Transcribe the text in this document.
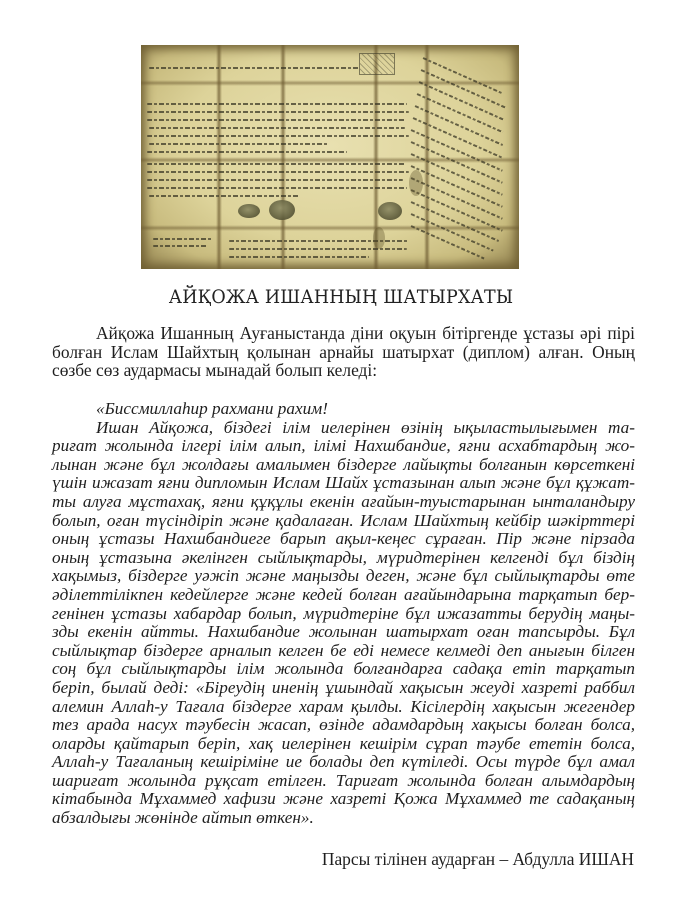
АЙҚОЖА ИШАННЫҢ ШАТЫРХАТЫ
Айқожа Ишанның Ауғаныстанда діни оқуын бітіргенде ұстазы әрі пірі
болған Ислам Шайхтың қолынан арнайы шатырхат (диплом) алған. Оның
сөзбе сөз аудармасы мынадай болып келеді:
«Биссмиллаһир рахмани рахим!
Ишан Айқожа, біздегі ілім иелерінен өзінің ықыластылығымен та-
риғат жолында ілгері ілім алып, ілімі Нахшбандие, яғни асхабтардың жо-
лынан және бұл жолдағы амалымен біздерге лайықты болғанын көрсеткені
үшін ижазат яғни дипломын Ислам Шайх ұстазынан алып және бұл құжат-
ты алуға мұстахақ, яғни құқұлы екенін ағайын-туыстарынан ынталандыру
болып, оған түсіндіріп және қадалаған. Ислам Шайхтың кейбір шәкірттері
оның ұстазы Нахшбандиеге барып ақыл-кеңес сұраған. Пір және пірзада
оның ұстазына әкелінген сыйлықтарды, мүридтерінен келгенді бұл біздің
хақымыз, біздерге уәжіп және маңызды деген, және бұл сыйлықтарды өте
әділеттілікпен кедейлерге және кедей болған ағайындарына тарқатып бер-
генінен ұстазы хабардар болып, мүридтеріне бұл ижазатты берудің маңы-
зды екенін айтты. Нахшбандие жолынан шатырхат оған тапсырды. Бұл
сыйлықтар біздерге арналып келген бе еді немесе келмеді деп анығын білген
соң бұл сыйлықтарды ілім жолында болғандарға садақа етіп тарқатып
беріп, былай деді: «Біреудің иненің ұшындай хақысын жеуді хазреті раббил
алемин Аллаһ-у Тағала біздерге харам қылды. Кісілердің хақысын жегендер
тез арада насух тәубесін жасап, өзінде адамдардың хақысы болған болса,
оларды қайтарып беріп, хақ иелерінен кешірім сұрап тәубе ететін болса,
Аллаһ-у Тағаланың кешіріміне ие болады деп күтіледі. Осы түрде бұл амал
шариғат жолында рұқсат етілген. Тариғат жолында болған алымдардың
кітабында Мұхаммед хафизи және хазреті Қожа Мұхаммед те садақаның
абзалдығы жөнінде айтып өткен».
Парсы тілінен аударған – Абдулла ИШАН
